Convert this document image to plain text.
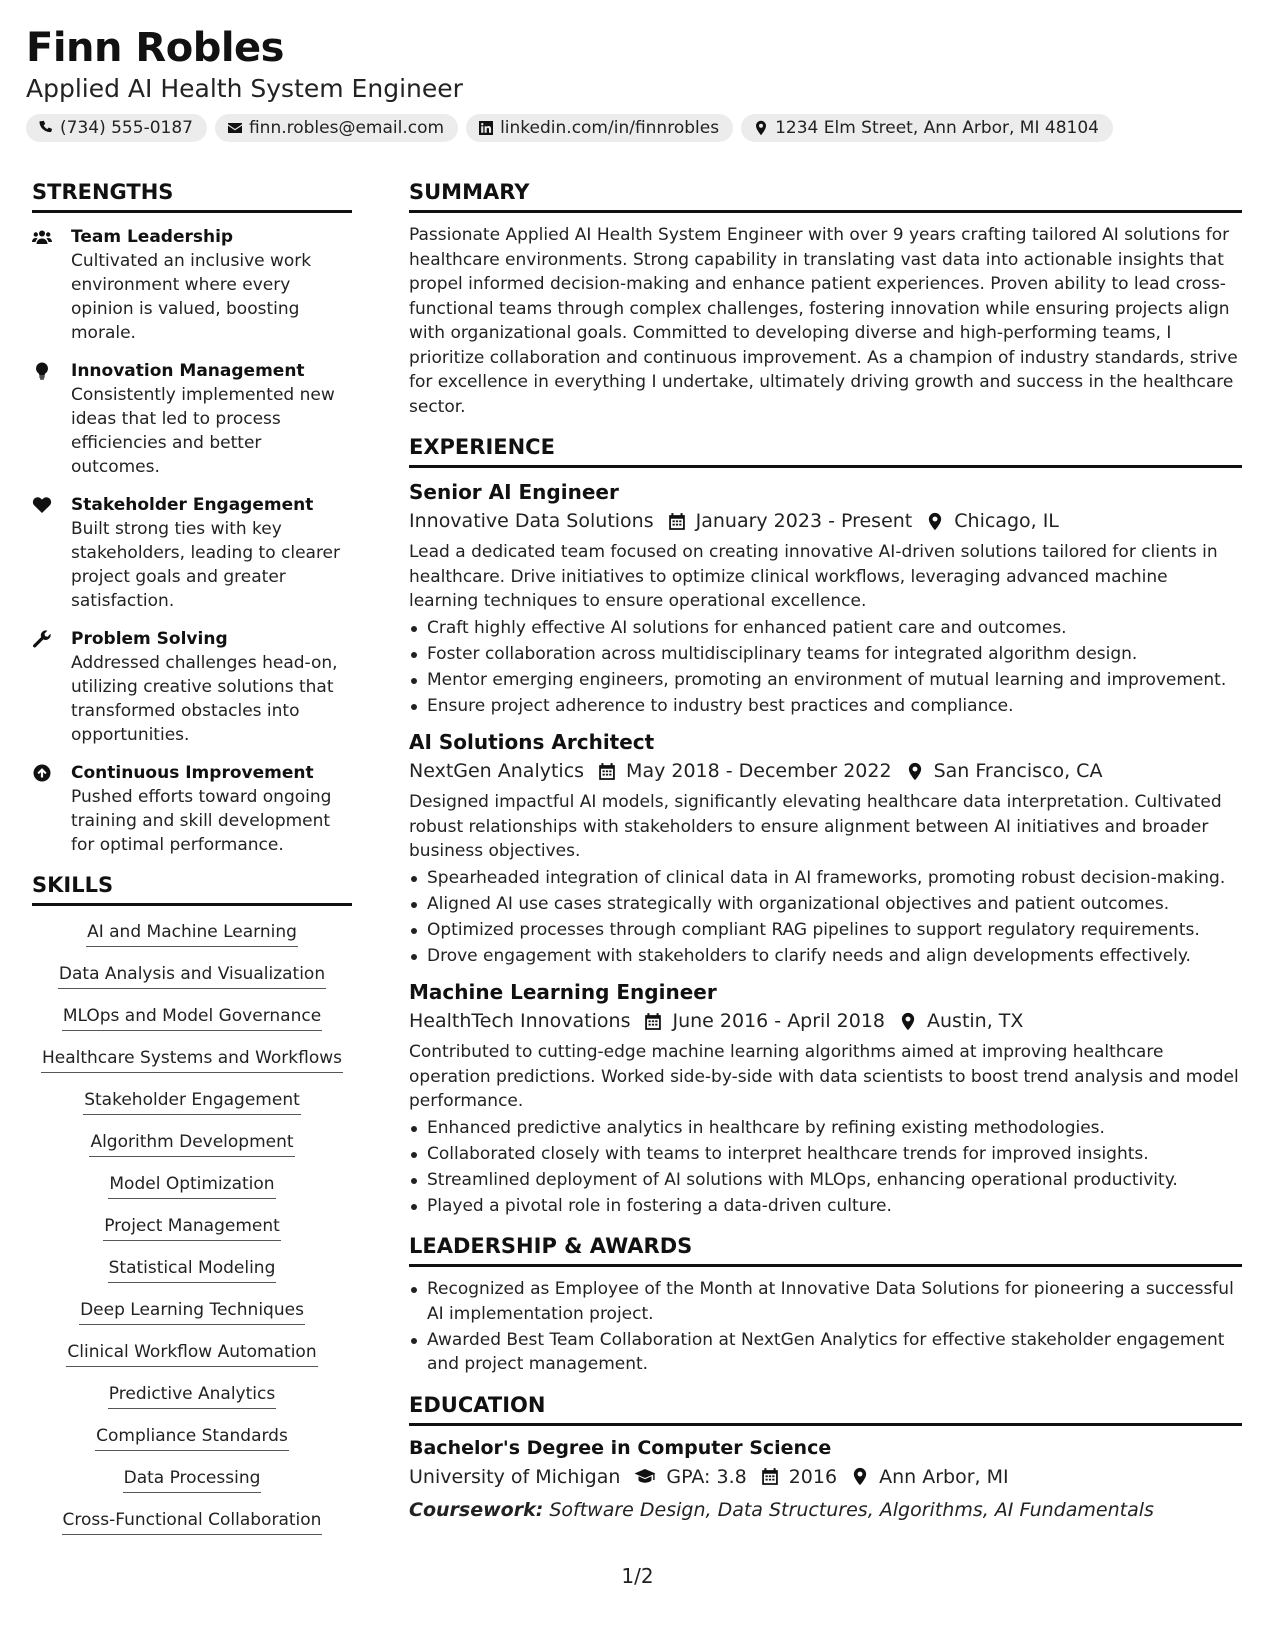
Finn Robles
Applied AI Health System Engineer
(734) 555-0187	finn.robles@email.com	linkedin.com/in/finnrobles	1234 Elm Street, Ann Arbor, MI 48104
STRENGTHS
Team Leadership
Cultivated an inclusive work environment where every opinion is valued, boosting morale.
Innovation Management
Consistently implemented new ideas that led to process efficiencies and better outcomes.
Stakeholder Engagement
Built strong ties with key stakeholders, leading to clearer project goals and greater satisfaction.
Problem Solving
Addressed challenges head-on, utilizing creative solutions that transformed obstacles into opportunities.
Continuous Improvement
Pushed efforts toward ongoing training and skill development for optimal performance.
SKILLS
AI and Machine Learning
Data Analysis and Visualization
MLOps and Model Governance
Healthcare Systems and Workflows
Stakeholder Engagement
Algorithm Development
Model Optimization
Project Management
Statistical Modeling
Deep Learning Techniques
Clinical Workflow Automation
Predictive Analytics
Compliance Standards
Data Processing
Cross-Functional Collaboration
SUMMARY
Passionate Applied AI Health System Engineer with over 9 years crafting tailored AI solutions for healthcare environments. Strong capability in translating vast data into actionable insights that propel informed decision-making and enhance patient experiences. Proven ability to lead cross-functional teams through complex challenges, fostering innovation while ensuring projects align with organizational goals. Committed to developing diverse and high-performing teams, I prioritize collaboration and continuous improvement. As a champion of industry standards, strive for excellence in everything I undertake, ultimately driving growth and success in the healthcare sector.
EXPERIENCE
Senior AI Engineer
Innovative Data Solutions January 2023 - Present Chicago, IL
Lead a dedicated team focused on creating innovative AI-driven solutions tailored for clients in healthcare. Drive initiatives to optimize clinical workflows, leveraging advanced machine learning techniques to ensure operational excellence.
Craft highly effective AI solutions for enhanced patient care and outcomes.
Foster collaboration across multidisciplinary teams for integrated algorithm design.
Mentor emerging engineers, promoting an environment of mutual learning and improvement.
Ensure project adherence to industry best practices and compliance.
AI Solutions Architect
NextGen Analytics May 2018 - December 2022 San Francisco, CA
Designed impactful AI models, significantly elevating healthcare data interpretation. Cultivated robust relationships with stakeholders to ensure alignment between AI initiatives and broader business objectives.
Spearheaded integration of clinical data in AI frameworks, promoting robust decision-making.
Aligned AI use cases strategically with organizational objectives and patient outcomes.
Optimized processes through compliant RAG pipelines to support regulatory requirements.
Drove engagement with stakeholders to clarify needs and align developments effectively.
Machine Learning Engineer
HealthTech Innovations June 2016 - April 2018 Austin, TX
Contributed to cutting-edge machine learning algorithms aimed at improving healthcare operation predictions. Worked side-by-side with data scientists to boost trend analysis and model performance.
Enhanced predictive analytics in healthcare by refining existing methodologies.
Collaborated closely with teams to interpret healthcare trends for improved insights.
Streamlined deployment of AI solutions with MLOps, enhancing operational productivity.
Played a pivotal role in fostering a data-driven culture.
LEADERSHIP & AWARDS
Recognized as Employee of the Month at Innovative Data Solutions for pioneering a successful AI implementation project.
Awarded Best Team Collaboration at NextGen Analytics for effective stakeholder engagement and project management.
EDUCATION
Bachelor's Degree in Computer Science
University of Michigan GPA: 3.8 2016 Ann Arbor, MI
Coursework: Software Design, Data Structures, Algorithms, AI Fundamentals
1/2
